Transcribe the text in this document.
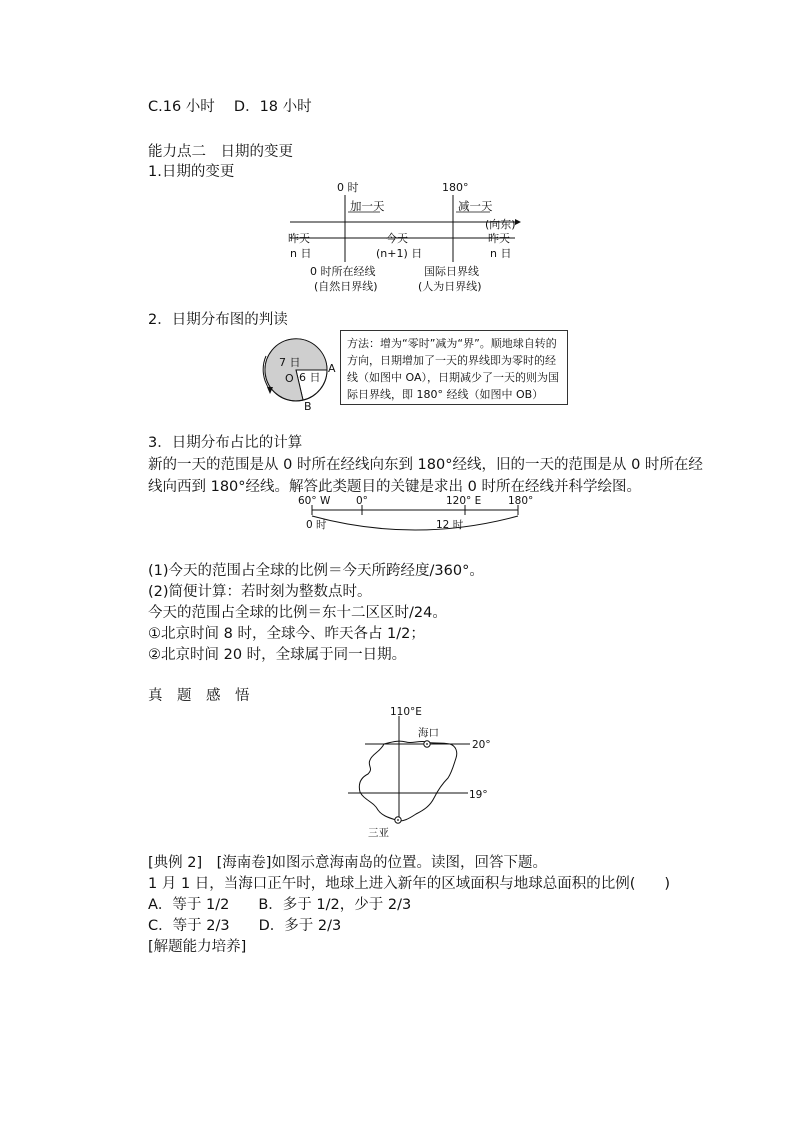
C.16 小时　 D．18 小时
能力点二　日期的变更
1.日期的变更
0 时	180°
加一天	减一天
(向东)
昨天
n 日
今天
(n+1) 日
昨天
n 日
0 时所在经线
(自然日界线)
国际日界线
(人为日界线)
2．日期分布图的判读
7 日
O 6 日
A
B
方法：增为“零时”减为“界”。顺地球自转的方向，日期增加了一天的界线即为零时的经线（如图中 OA），日期减少了一天的则为国际日界线，即 180° 经线（如图中 OB）
3．日期分布占比的计算
新的一天的范围是从 0 时所在经线向东到 180°经线，旧的一天的范围是从 0 时所在经
线向西到 180°经线。解答此类题目的关键是求出 0 时所在经线并科学绘图。
60° W 0°	120° E	180°
0 时	12 时
(1)今天的范围占全球的比例＝今天所跨经度/360°。
(2)简便计算：若时刻为整数点时。
今天的范围占全球的比例＝东十二区区时/24。
①北京时间 8 时，全球今、昨天各占 1/2；
②北京时间 20 时，全球属于同一日期。
真　题　感　悟
110°E
海口
20°
19°
三亚
[典例 2]　[海南卷]如图示意海南岛的位置。读图，回答下题。
1 月 1 日，当海口正午时，地球上进入新年的区域面积与地球总面积的比例(　　)
A．等于 1/2　　B．多于 1/2，少于 2/3
C．等于 2/3　　D．多于 2/3
[解题能力培养]
